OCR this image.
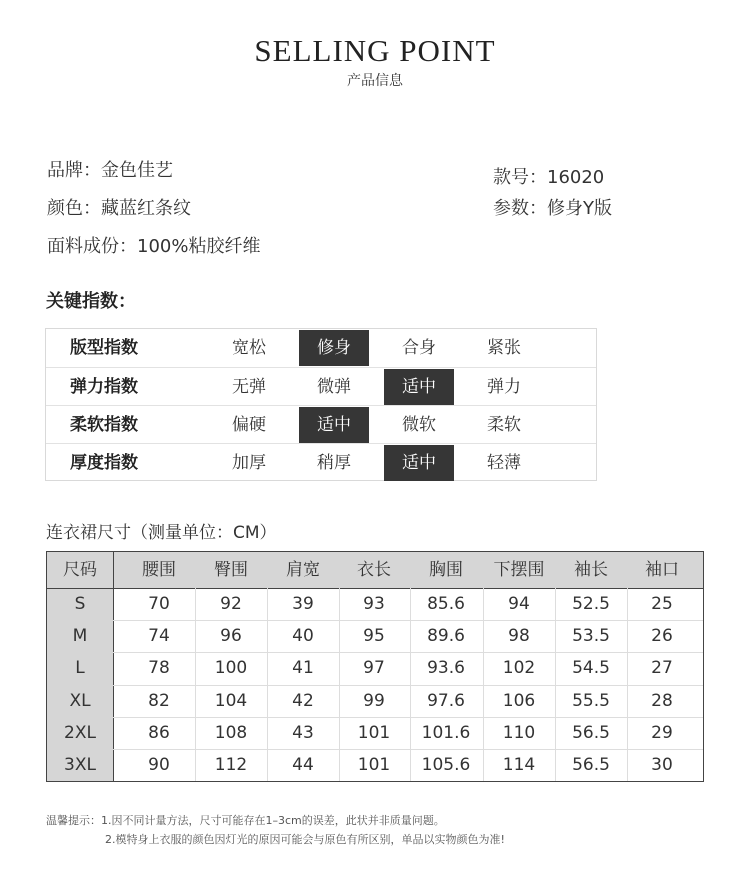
SELLING POINT
产品信息
品牌：金色佳艺	款号：16020
颜色：藏蓝红条纹	参数：修身Y版
面料成份：100%粘胶纤维
关键指数：
版型指数	宽松	修身	合身	紧张
弹力指数	无弹	微弹	适中	弹力
柔软指数	偏硬	适中	微软	柔软
厚度指数	加厚	稍厚	适中	轻薄
连衣裙尺寸（测量单位：CM）
尺码	腰围	臀围	肩宽	衣长	胸围	下摆围	袖长	袖口
S	70	92	39	93	85.6	94	52.5	25
M	74	96	40	95	89.6	98	53.5	26
L	78	100	41	97	93.6	102	54.5	27
XL	82	104	42	99	97.6	106	55.5	28
2XL	86	108	43	101	101.6	110	56.5	29
3XL	90	112	44	101	105.6	114	56.5	30
温馨提示：1.因不同计量方法，尺寸可能存在1–3cm的误差，此状并非质量问题。
2.模特身上衣服的颜色因灯光的原因可能会与原色有所区别，单品以实物颜色为准!
